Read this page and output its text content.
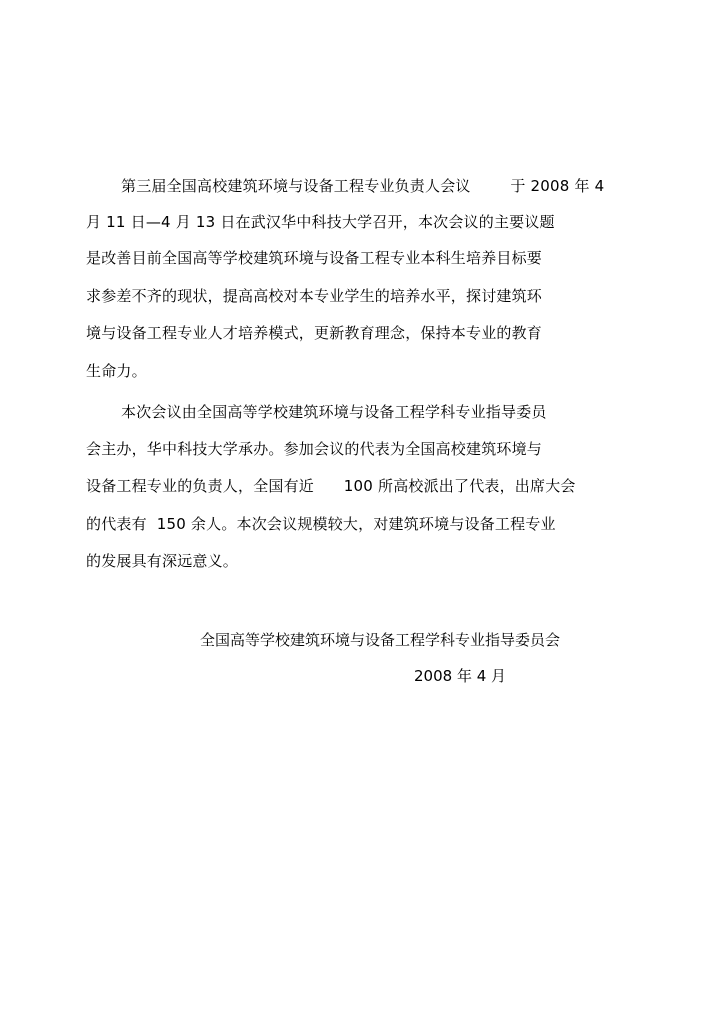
第三届全国高校建筑环境与设备工程专业负责人会议        于 2008 年 4
月 11 日—4 月 13 日在武汉华中科技大学召开，本次会议的主要议题
是改善目前全国高等学校建筑环境与设备工程专业本科生培养目标要
求参差不齐的现状，提高高校对本专业学生的培养水平，探讨建筑环
境与设备工程专业人才培养模式，更新教育理念，保持本专业的教育
生命力。
本次会议由全国高等学校建筑环境与设备工程学科专业指导委员
会主办，华中科技大学承办。参加会议的代表为全国高校建筑环境与
设备工程专业的负责人，全国有近      100 所高校派出了代表，出席大会
的代表有  150 余人。本次会议规模较大，对建筑环境与设备工程专业
的发展具有深远意义。
全国高等学校建筑环境与设备工程学科专业指导委员会
2008 年 4 月
